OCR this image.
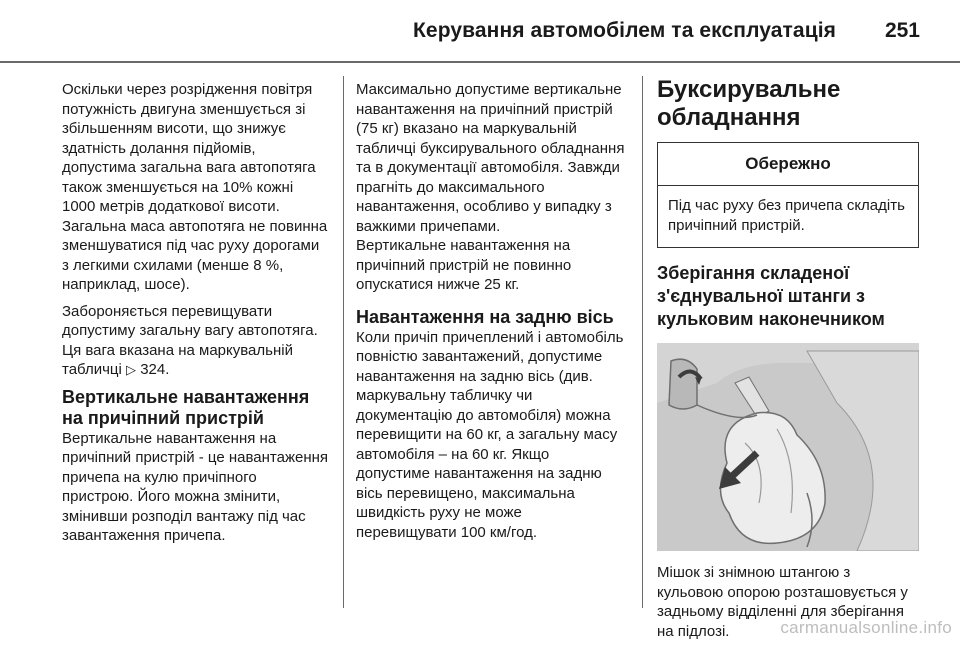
Керування автомобілем та експлуатація 251

Оскільки через розрідження повітря потужність двигуна зменшується зі збільшенням висоти, що знижує здатність долання підйомів, допустима загальна вага автопотяга також зменшується на 10% кожні 1000 метрів додаткової висоти. Загальна маса автопотяга не повинна зменшуватися під час руху дорогами з легкими схилами (менше 8 %, наприклад, шосе).

Забороняється перевищувати допустиму загальну вагу автопотяга. Ця вага вказана на маркувальній табличці ▷ 324.

Вертикальне навантаження на причіпний пристрій

Вертикальне навантаження на причіпний пристрій - це навантаження причепа на кулю причіпного пристрою. Його можна змінити, змінивши розподіл вантажу під час завантаження причепа.

Максимально допустиме вертикальне навантаження на причіпний пристрій (75 кг) вказано на маркувальній табличці буксирувального обладнання та в документації автомобіля. Завжди прагніть до максимального навантаження, особливо у випадку з важкими причепами.

Вертикальне навантаження на причіпний пристрій не повинно опускатися нижче 25 кг.

Навантаження на задню вісь

Коли причіп причеплений і автомобіль повністю завантажений, допустиме навантаження на задню вісь (див. маркувальну табличку чи документацію до автомобіля) можна перевищити на 60 кг, а загальну масу автомобіля – на 60 кг. Якщо допустиме навантаження на задню вісь перевищено, максимальна швидкість руху не може перевищувати 100 км/год.

Буксирувальне обладнання
Обережно
Під час руху без причепа складіть причіпний пристрій.
Зберігання складеної з'єднувальної штанги з кульковим наконечником

Мішок зі знімною штангою з кульовою опорою розташовується у задньому відділенні для зберігання на підлозі.	carmanualsonline.info
